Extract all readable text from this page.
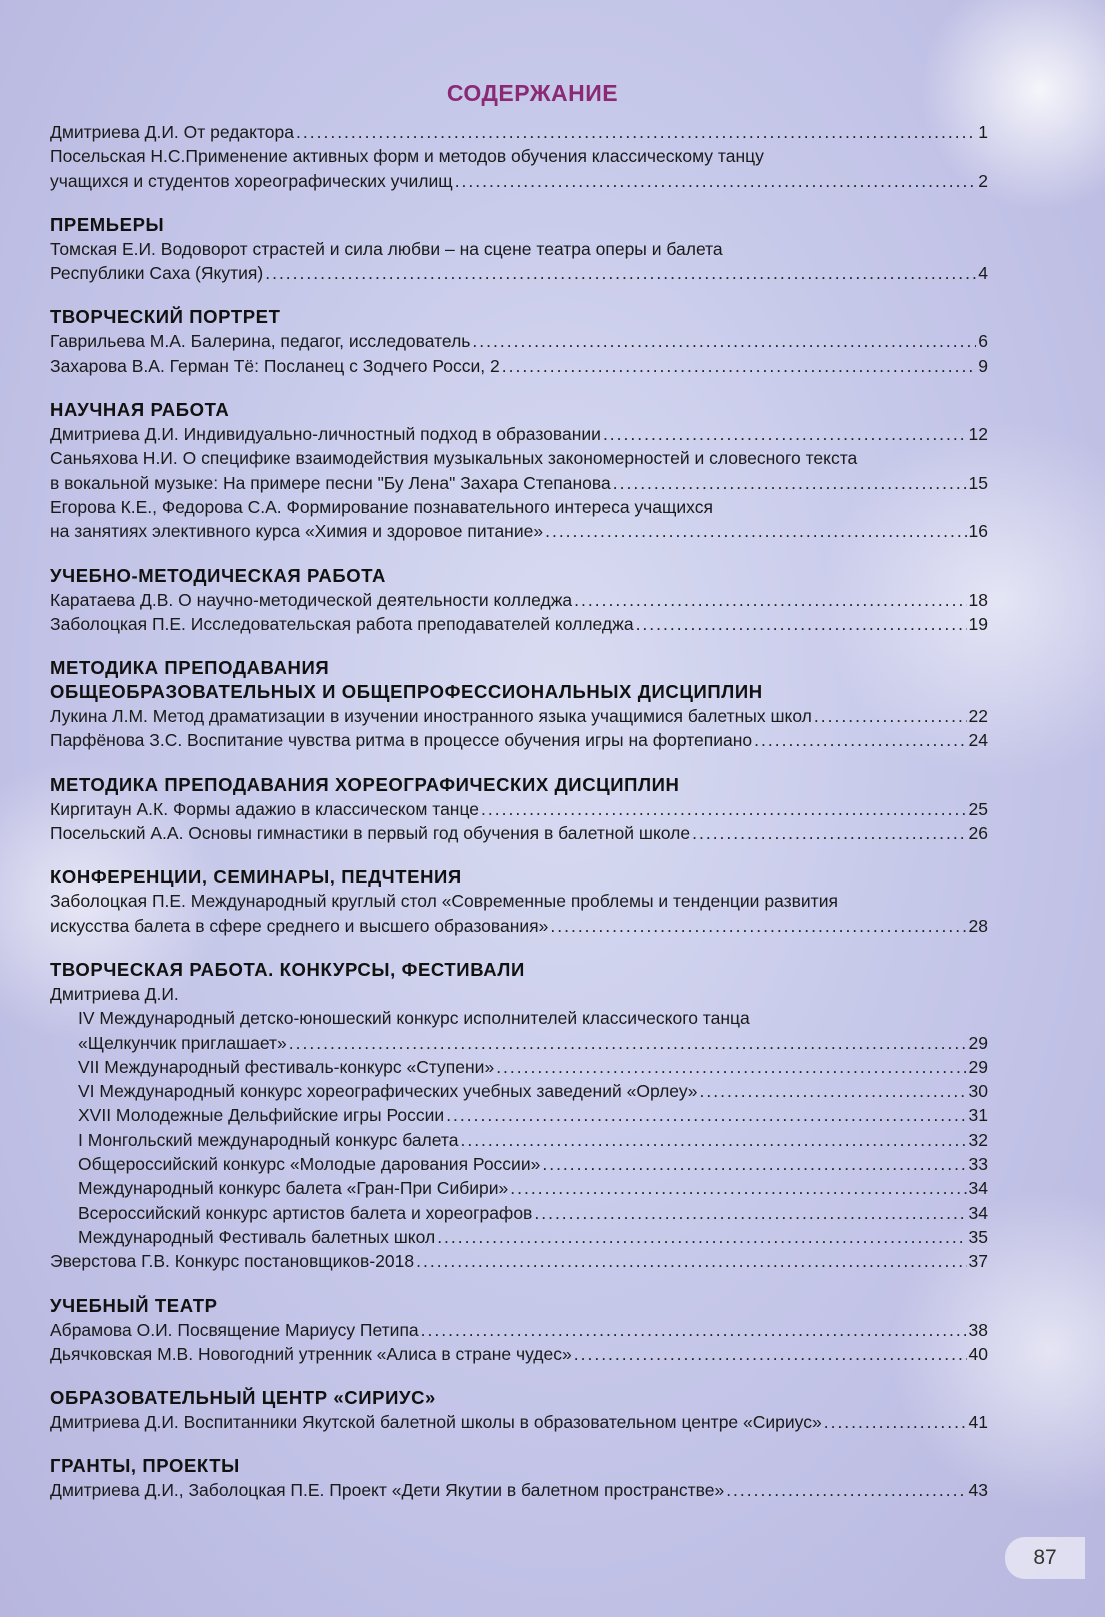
СОДЕРЖАНИЕ
Дмитриева Д.И. От редактора .....	1
Посельская Н.С.Применение активных форм и методов обучения классическому танцу
учащихся и студентов хореографических училищ .....	2
ПРЕМЬЕРЫ
Томская Е.И. Водоворот страстей и сила любви – на сцене театра оперы и балета
Республики Саха (Якутия) .....	4
ТВОРЧЕСКИЙ ПОРТРЕТ
Гаврильева М.А. Балерина, педагог, исследователь .....	6
Захарова В.А. Герман Тё: Посланец с Зодчего Росси, 2 .....	9
НАУЧНАЯ РАБОТА
Дмитриева Д.И. Индивидуально-личностный подход в образовании .....	12
Саньяхова Н.И. О специфике взаимодействия музыкальных закономерностей и словесного текста
в вокальной музыке: На примере песни "Бу Лена" Захара Степанова .....	15
Егорова К.Е., Федорова С.А. Формирование познавательного интереса учащихся
на занятиях элективного курса «Химия и здоровое питание» .....	16
УЧЕБНО-МЕТОДИЧЕСКАЯ РАБОТА
Каратаева Д.В. О научно-методической деятельности колледжа .....	18
Заболоцкая П.Е. Исследовательская работа преподавателей колледжа .....	19
МЕТОДИКА ПРЕПОДАВАНИЯ
ОБЩЕОБРАЗОВАТЕЛЬНЫХ И ОБЩЕПРОФЕССИОНАЛЬНЫХ ДИСЦИПЛИН
Лукина Л.М. Метод драматизации в изучении иностранного языка учащимися балетных школ .....	22
Парфёнова З.С. Воспитание чувства ритма в процессе обучения игры на фортепиано .....	24
МЕТОДИКА ПРЕПОДАВАНИЯ ХОРЕОГРАФИЧЕСКИХ ДИСЦИПЛИН
Киргитаун А.К. Формы адажио в классическом танце .....	25
Посельский А.А. Основы гимнастики в первый год обучения в балетной школе .....	26
КОНФЕРЕНЦИИ, СЕМИНАРЫ, ПЕДЧТЕНИЯ
Заболоцкая П.Е. Международный круглый стол «Современные проблемы и тенденции развития
искусства балета в сфере среднего и высшего образования» .....	28
ТВОРЧЕСКАЯ РАБОТА. КОНКУРСЫ, ФЕСТИВАЛИ
Дмитриева Д.И.
IV Международный детско-юношеский конкурс исполнителей классического танца
«Щелкунчик приглашает» .....	29
VII Международный фестиваль-конкурс «Ступени» .....	29
VI Международный конкурс хореографических учебных заведений «Орлеу» .....	30
XVII Молодежные Дельфийские игры России .....	31
I Монгольский международный конкурс балета .....	32
Общероссийский конкурс «Молодые дарования России» .....	33
Международный конкурс балета «Гран-При Сибири» .....	34
Всероссийский конкурс артистов балета и хореографов .....	34
Международный Фестиваль балетных школ .....	35
Эверстова Г.В. Конкурс постановщиков-2018 .....	37
УЧЕБНЫЙ ТЕАТР
Абрамова О.И. Посвящение Мариусу Петипа .....	38
Дьячковская М.В. Новогодний утренник «Алиса в стране чудес» .....	40
ОБРАЗОВАТЕЛЬНЫЙ ЦЕНТР «СИРИУС»
Дмитриева Д.И. Воспитанники Якутской балетной школы в образовательном центре «Сириус» .....	41
ГРАНТЫ, ПРОЕКТЫ
Дмитриева Д.И., Заболоцкая П.Е. Проект «Дети Якутии в балетном пространстве» .....	43
87
